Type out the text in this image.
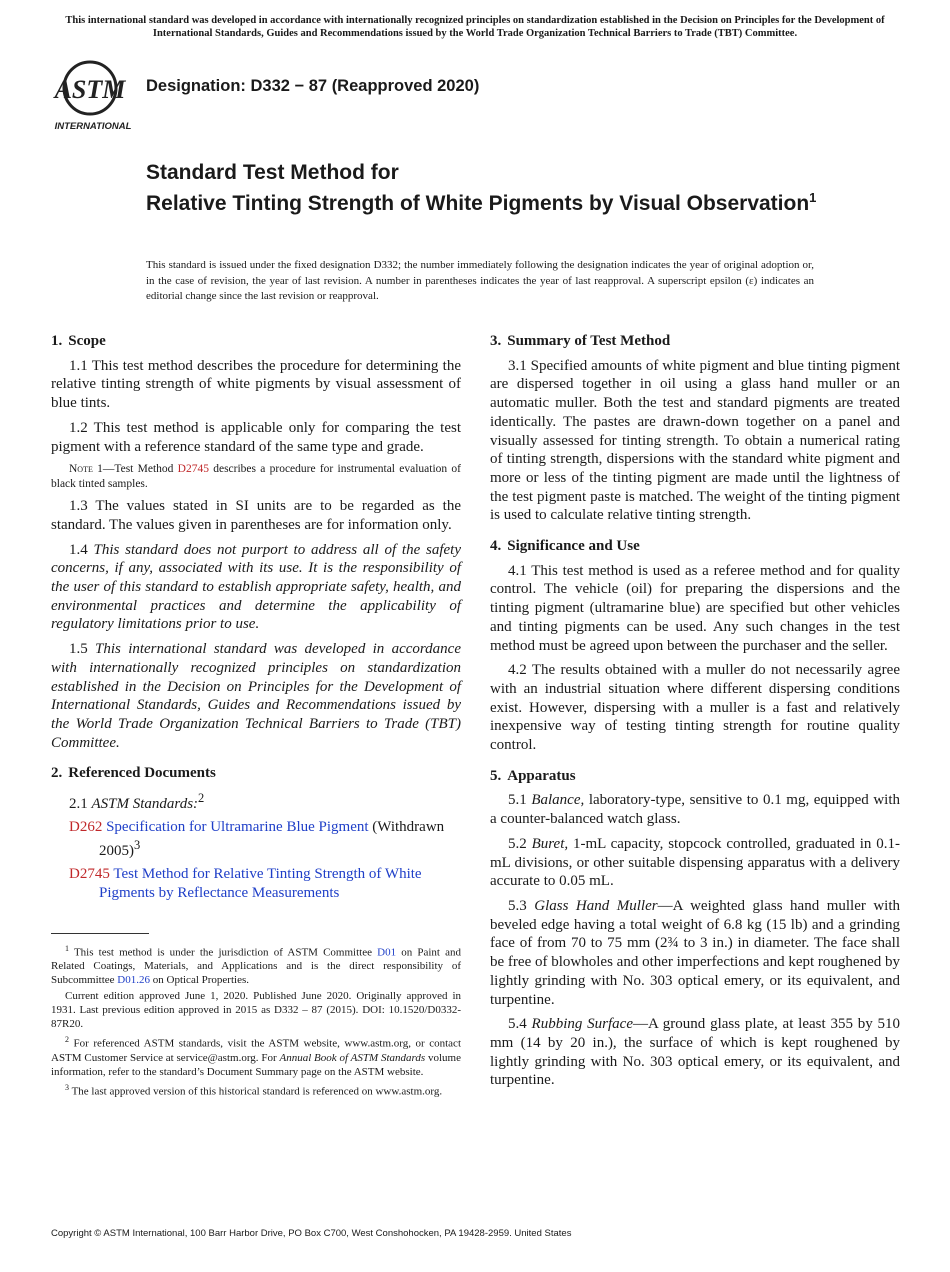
This international standard was developed in accordance with internationally recognized principles on standardization established in the Decision on Principles for the Development of International Standards, Guides and Recommendations issued by the World Trade Organization Technical Barriers to Trade (TBT) Committee.
ASTM
INTERNATIONAL
Designation: D332 − 87 (Reapproved 2020)
Standard Test Method for
Relative Tinting Strength of White Pigments by Visual Observation$^1$
This standard is issued under the fixed designation D332; the number immediately following the designation indicates the year of original adoption or, in the case of revision, the year of last revision. A number in parentheses indicates the year of last reapproval. A superscript epsilon (ε) indicates an editorial change since the last revision or reapproval.
1. Scope

1.1 This test method describes the procedure for determining the relative tinting strength of white pigments by visual assessment of blue tints.

1.2 This test method is applicable only for comparing the test pigment with a reference standard of the same type and grade.

Note 1—Test Method D2745 describes a procedure for instrumental evaluation of black tinted samples.

1.3 The values stated in SI units are to be regarded as the standard. The values given in parentheses are for information only.

1.4 This standard does not purport to address all of the safety concerns, if any, associated with its use. It is the responsibility of the user of this standard to establish appropriate safety, health, and environmental practices and determine the applicability of regulatory limitations prior to use.

1.5 This international standard was developed in accordance with internationally recognized principles on standardization established in the Decision on Principles for the Development of International Standards, Guides and Recommendations issued by the World Trade Organization Technical Barriers to Trade (TBT) Committee.

2. Referenced Documents
2.1 ASTM Standards:$^2$
D262 Specification for Ultramarine Blue Pigment (Withdrawn 2005)$^3$
D2745 Test Method for Relative Tinting Strength of White Pigments by Reflectance Measurements

$^1$ This test method is under the jurisdiction of ASTM Committee D01 on Paint and Related Coatings, Materials, and Applications and is the direct responsibility of Subcommittee D01.26 on Optical Properties.

Current edition approved June 1, 2020. Published June 2020. Originally approved in 1931. Last previous edition approved in 2015 as D332 – 87 (2015). DOI: 10.1520/D0332-87R20.

$^2$ For referenced ASTM standards, visit the ASTM website, www.astm.org, or contact ASTM Customer Service at service@astm.org. For Annual Book of ASTM Standards volume information, refer to the standard’s Document Summary page on the ASTM website.

$^3$ The last approved version of this historical standard is referenced on www.astm.org.

3. Summary of Test Method

3.1 Specified amounts of white pigment and blue tinting pigment are dispersed together in oil using a glass hand muller or an automatic muller. Both the test and standard pigments are treated identically. The pastes are drawn-down together on a panel and visually assessed for tinting strength. To obtain a numerical rating of tinting strength, dispersions with the standard white pigment and more or less of the tinting pigment are made until the lightness of the test pigment paste is matched. The weight of the tinting pigment is used to calculate relative tinting strength.

4. Significance and Use

4.1 This test method is used as a referee method and for quality control. The vehicle (oil) for preparing the dispersions and the tinting pigment (ultramarine blue) are specified but other vehicles and tinting pigments can be used. Any such changes in the test method must be agreed upon between the purchaser and the seller.

4.2 The results obtained with a muller do not necessarily agree with an industrial situation where different dispersing conditions exist. However, dispersing with a muller is a fast and relatively inexpensive way of testing tinting strength for routine quality control.

5. Apparatus

5.1 Balance, laboratory-type, sensitive to 0.1 mg, equipped with a counter-balanced watch glass.

5.2 Buret, 1-mL capacity, stopcock controlled, graduated in 0.1-mL divisions, or other suitable dispensing apparatus with a delivery accurate to 0.05 mL.

5.3 Glass Hand Muller—A weighted glass hand muller with beveled edge having a total weight of 6.8 kg (15 lb) and a grinding face of from 70 to 75 mm (2¾ to 3 in.) in diameter. The face shall be free of blowholes and other imperfections and kept roughened by lightly grinding with No. 303 optical emery, or its equivalent, and turpentine.

5.4 Rubbing Surface—A ground glass plate, at least 355 by 510 mm (14 by 20 in.), the surface of which is kept roughened by lightly grinding with No. 303 optical emery, or its equivalent, and turpentine.

Copyright © ASTM International, 100 Barr Harbor Drive, PO Box C700, West Conshohocken, PA 19428-2959. United States
